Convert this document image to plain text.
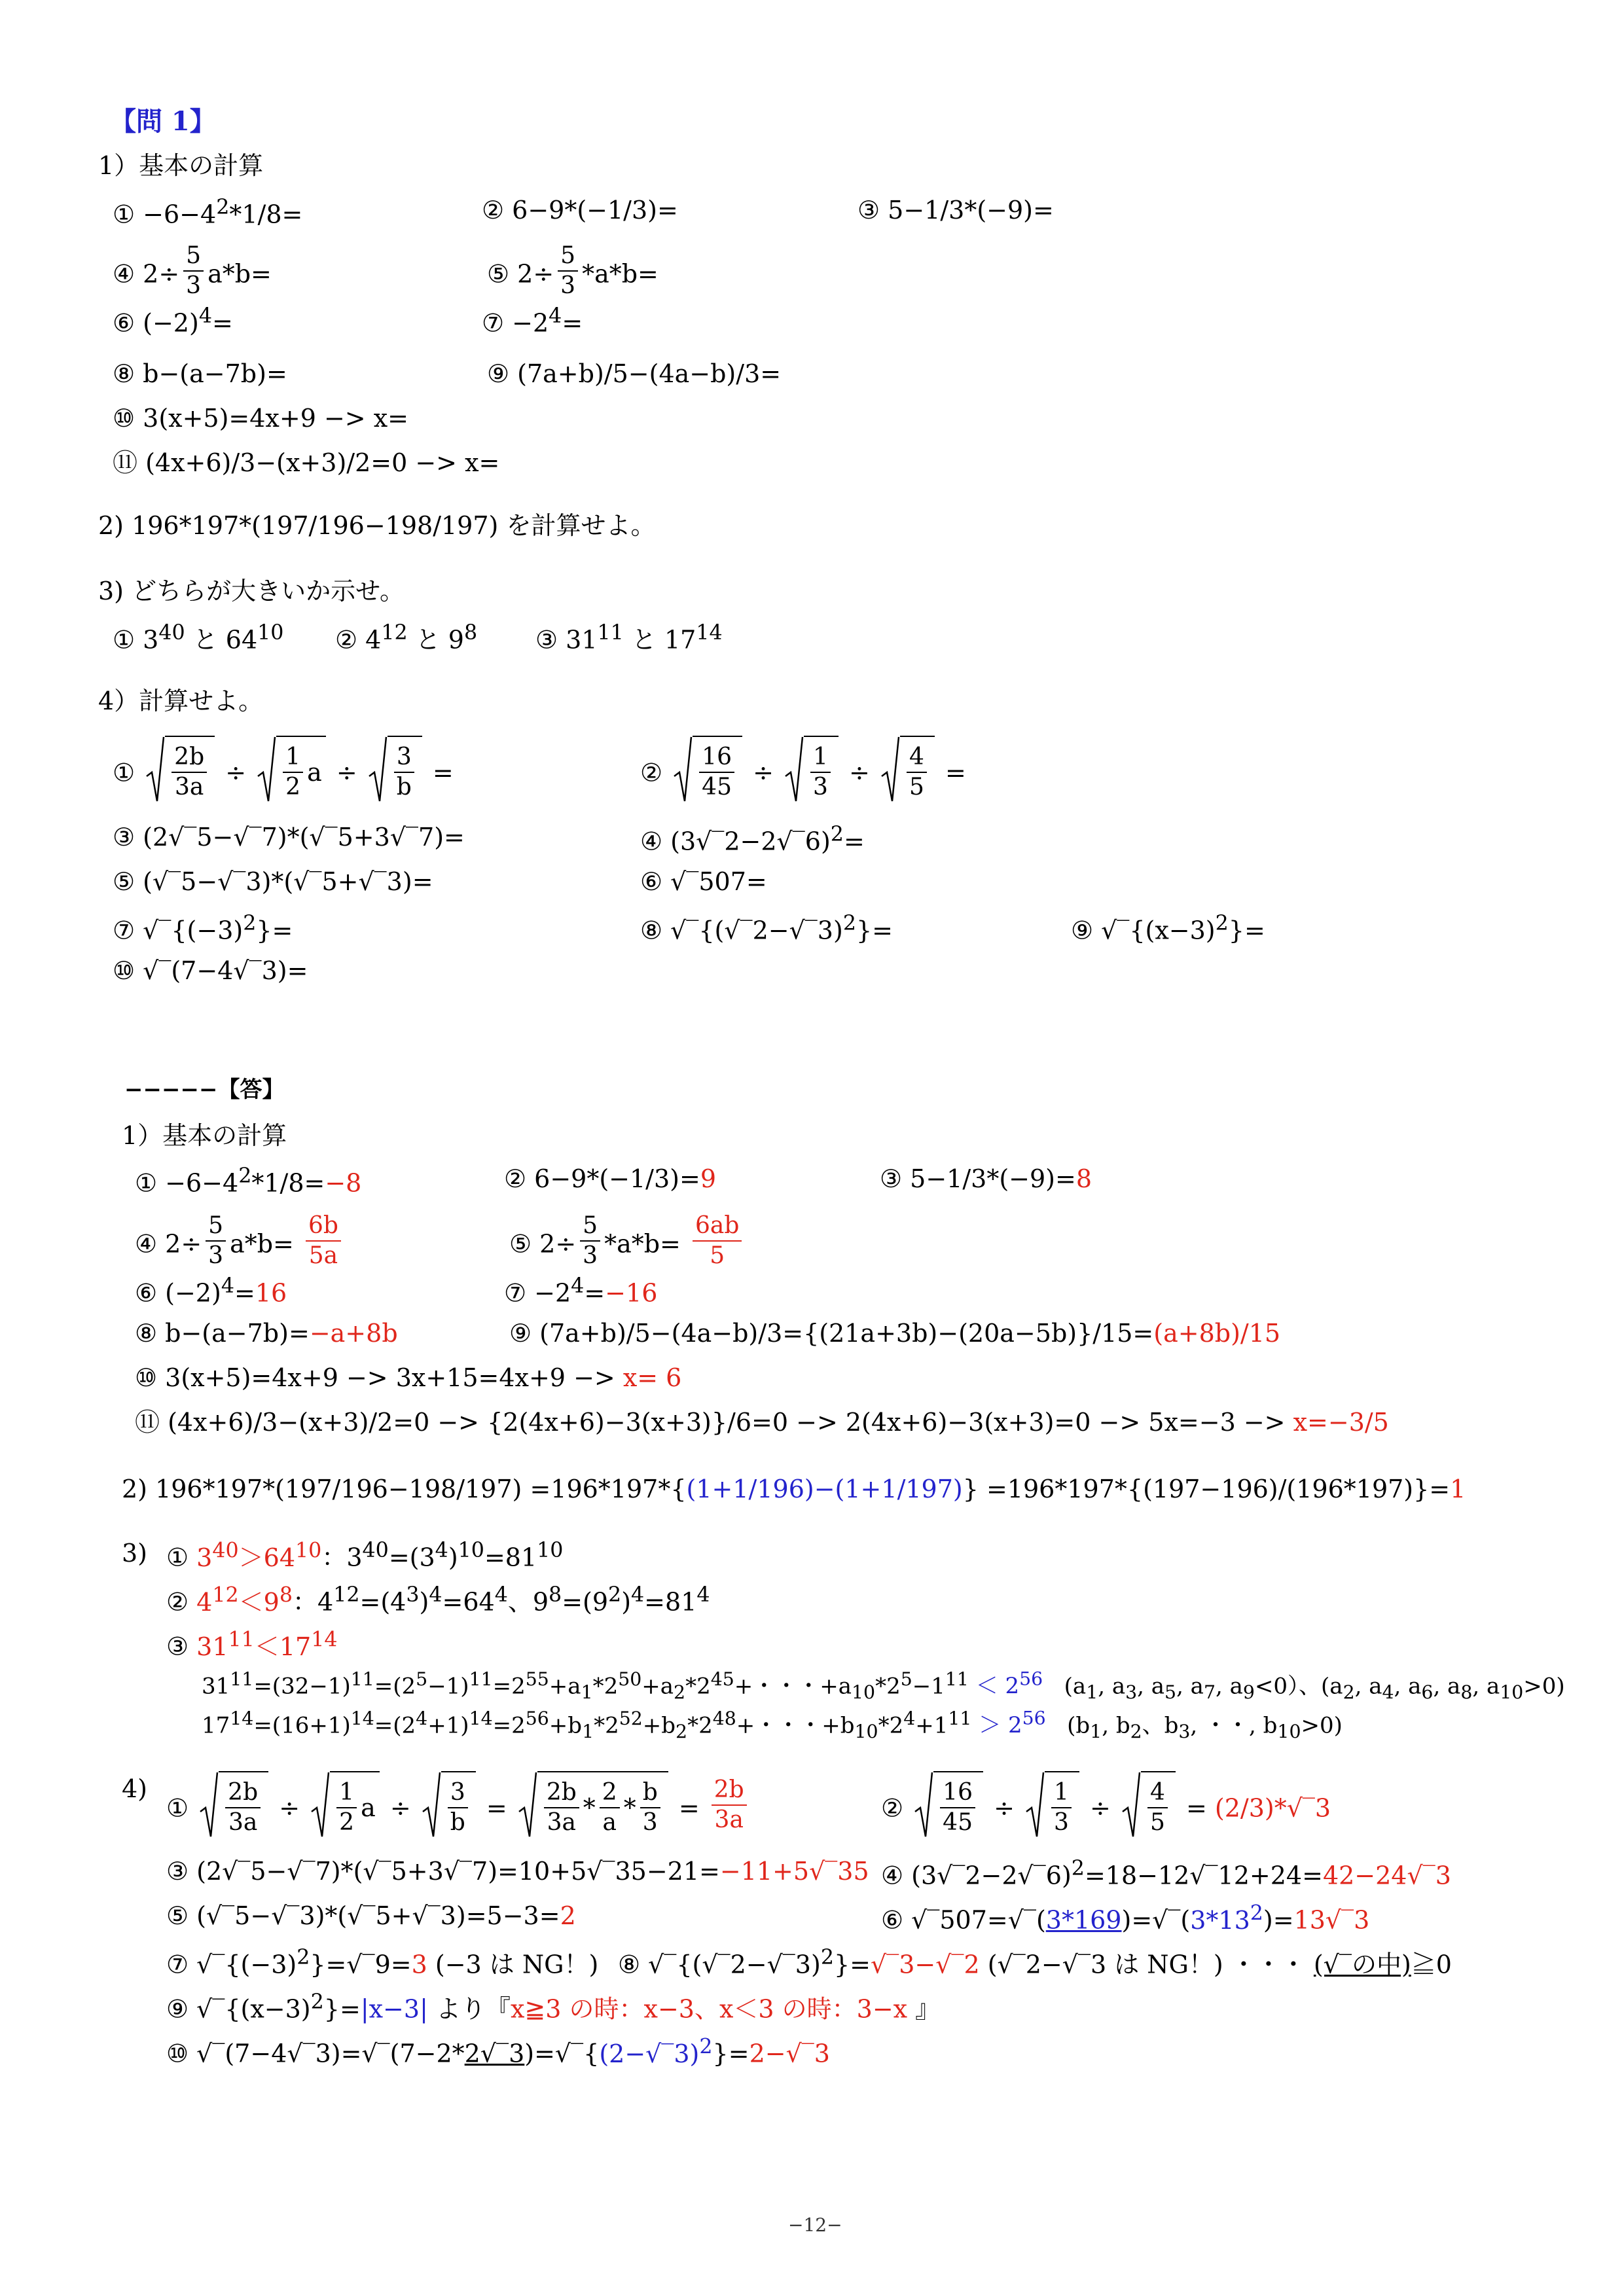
【問 1】
1）基本の計算
① $-6-4^2*1/8=$	② 6−9*(−1/3)=	③ 5−1/3*(−9)=
④ $2\div \frac{5}{3} a*b=$	⑤ $2\div \frac{5}{3} *a*b=$
⑥ $(-2)^4=$	⑦ $-2^4=$
⑧ b−(a−7b)=	⑨ (7a+b)/5−(4a−b)/3=
⑩ 3(x+5)=4x+9 −> x=
⑪ (4x+6)/3−(x+3)/2=0 −> x=
2) 196*197*(197/196−198/197) を計算せよ。
3) どちらが大きいか示せ。
① $3^{40}$ と $64^{10}$ ② $4^{12}$ と $9^8$ ③ $31^{11}$ と $17^{14}$
4）計算せよ。
① $\frac{2b}{3a} \div \frac{1}{2}$ $a \div \frac{3}{b}$ =	② $\frac{16}{45} \div \frac{1}{3} \div \frac{4}{5}$ =
③ (2√‾5−√‾7)*(√‾5+3√‾7)=	④ (3√‾2−2√‾6)$^2$=
⑤ (√‾5−√‾3)*(√‾5+√‾3)=	⑥ √‾507=
⑦ $√‾\{(-3)^2\}=$	⑧ √‾{(√‾2−√‾3)$^2$}=	⑨ $√‾\{(x-3)^2\}=$
⑩ √‾(7−4√‾3)=
−−−−−【答】
1）基本の計算
① $-6-4^2*1/8=-8$	② 6−9*(−1/3)=9	③ 5−1/3*(−9)=8
④ $2\div \frac{5}{3} a*b= \frac{6b}{5a}$	⑤ $2\div \frac{5}{3} *a*b= \frac{6ab}{5}$
⑥ $(-2)^4=16$	⑦ $-2^4=-16$
⑧ b−(a−7b)=−a+8b	⑨ (7a+b)/5−(4a−b)/3={(21a+3b)−(20a−5b)}/15=(a+8b)/15
⑩ 3(x+5)=4x+9 −> 3x+15=4x+9 −> x= 6
⑪ (4x+6)/3−(x+3)/2=0 −> {2(4x+6)−3(x+3)}/6=0 −> 2(4x+6)−3(x+3)=0 −> 5x=−3 −> x=−3/5
2) 196*197*(197/196−198/197) =196*197*{(1+1/196)−(1+1/197)} =196*197*{(197−196)/(196*197)}=1
3) ① $3^{40}>64^{10}$：$3^{40}=(3^4)^{10}=81^{10}$
② $4^{12}<9^8$：$4^{12}=(4^3)^4=64^4$、$9^8=(9^2)^4=81^4$
③ $31^{11}<17^{14}$
$31^{11}=(32-1)^{11}=(2^5-1)^{11}=2^{55}+a_1*2^{50}+a_2*2^{45}+$・・・$+a_{10}*2^5-1^{11} < 2^{56}$ ($a_1$, $a_3$, $a_5$, $a_7$, $a_9<0$）、($a_2$, $a_4$, $a_6$, $a_8$, $a_{10}>0$)
$17^{14}=(16+1)^{14}=(2^4+1)^{14}=2^{56}+b_1*2^{52}+b_2*2^{48}+$・・・$+b_{10}*2^4+1^{11} > 2^{56}$ ($b_1$, $b_2$、$b_3$, ・・, $b_{10}>0$)
4)
① $\frac{2b}{3a} \div \frac{1}{2}$ $a \div \frac{3}{b} = \frac{2b}{3a} * \frac{2}{a} * \frac{b}{3} = \frac{2b}{3a}$	② $\frac{16}{45} \div \frac{1}{3} \div \frac{4}{5}$ = (2/3)*√‾3
③ (2√‾5−√‾7)*(√‾5+3√‾7)=10+5√‾35−21=−11+5√‾35 ④ (3√‾2−2√‾6)$^2$=18−12√‾12+24=42−24√‾3
⑤ (√‾5−√‾3)*(√‾5+√‾3)=5−3=2	⑥ $√‾507=√‾(3*169)=√‾(3*13^2)=13√‾3$
⑦ $√‾\{(-3)^2\}=√‾9=3$ (−3 は NG！) ⑧ √‾{(√‾2−√‾3)$^2$}=√‾3−√‾2 (√‾2−√‾3 は NG！) ・・・ (√‾の中)≧0
⑨ $√‾\{(x-3)^2\}=|x-3|$ より『x≧3 の時：x−3、x＜3 の時：3−x 』
⑩ √‾(7−4√‾3)=√‾(7−2*2√‾3)=√‾{(2−√‾3)$^2$}=2−√‾3
−12−
